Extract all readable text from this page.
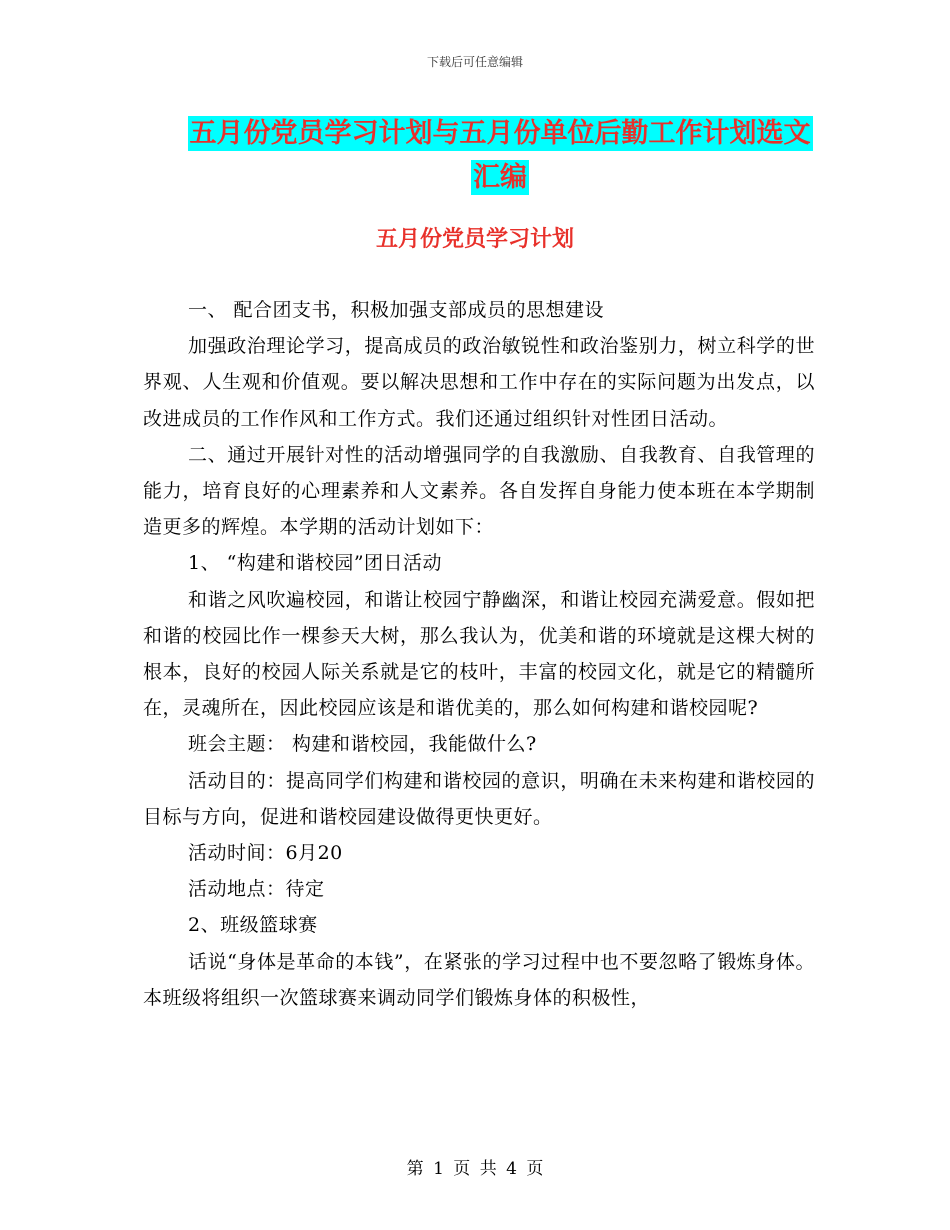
下载后可任意编辑
五月份党员学习计划与五月份单位后勤工作计划选文汇编
五月份党员学习计划

一、 配合团支书，积极加强支部成员的思想建设

加强政治理论学习，提高成员的政治敏锐性和政治鉴别力，树立科学的世界观、人生观和价值观。要以解决思想和工作中存在的实际问题为出发点，以改进成员的工作作风和工作方式。我们还通过组织针对性团日活动。

二、通过开展针对性的活动增强同学的自我激励、自我教育、自我管理的能力，培育良好的心理素养和人文素养。各自发挥自身能力使本班在本学期制造更多的辉煌。本学期的活动计划如下：

1、 “构建和谐校园”团日活动

和谐之风吹遍校园，和谐让校园宁静幽深，和谐让校园充满爱意。假如把和谐的校园比作一棵参天大树，那么我认为，优美和谐的环境就是这棵大树的根本，良好的校园人际关系就是它的枝叶，丰富的校园文化，就是它的精髓所在，灵魂所在，因此校园应该是和谐优美的，那么如何构建和谐校园呢?

班会主题： 构建和谐校园，我能做什么?

活动目的：提高同学们构建和谐校园的意识，明确在未来构建和谐校园的目标与方向，促进和谐校园建设做得更快更好。

活动时间：6月20

活动地点：待定

2、班级篮球赛

话说“身体是革命的本钱”，在紧张的学习过程中也不要忽略了锻炼身体。本班级将组织一次篮球赛来调动同学们锻炼身体的积极性，

第 1 页 共 4 页
